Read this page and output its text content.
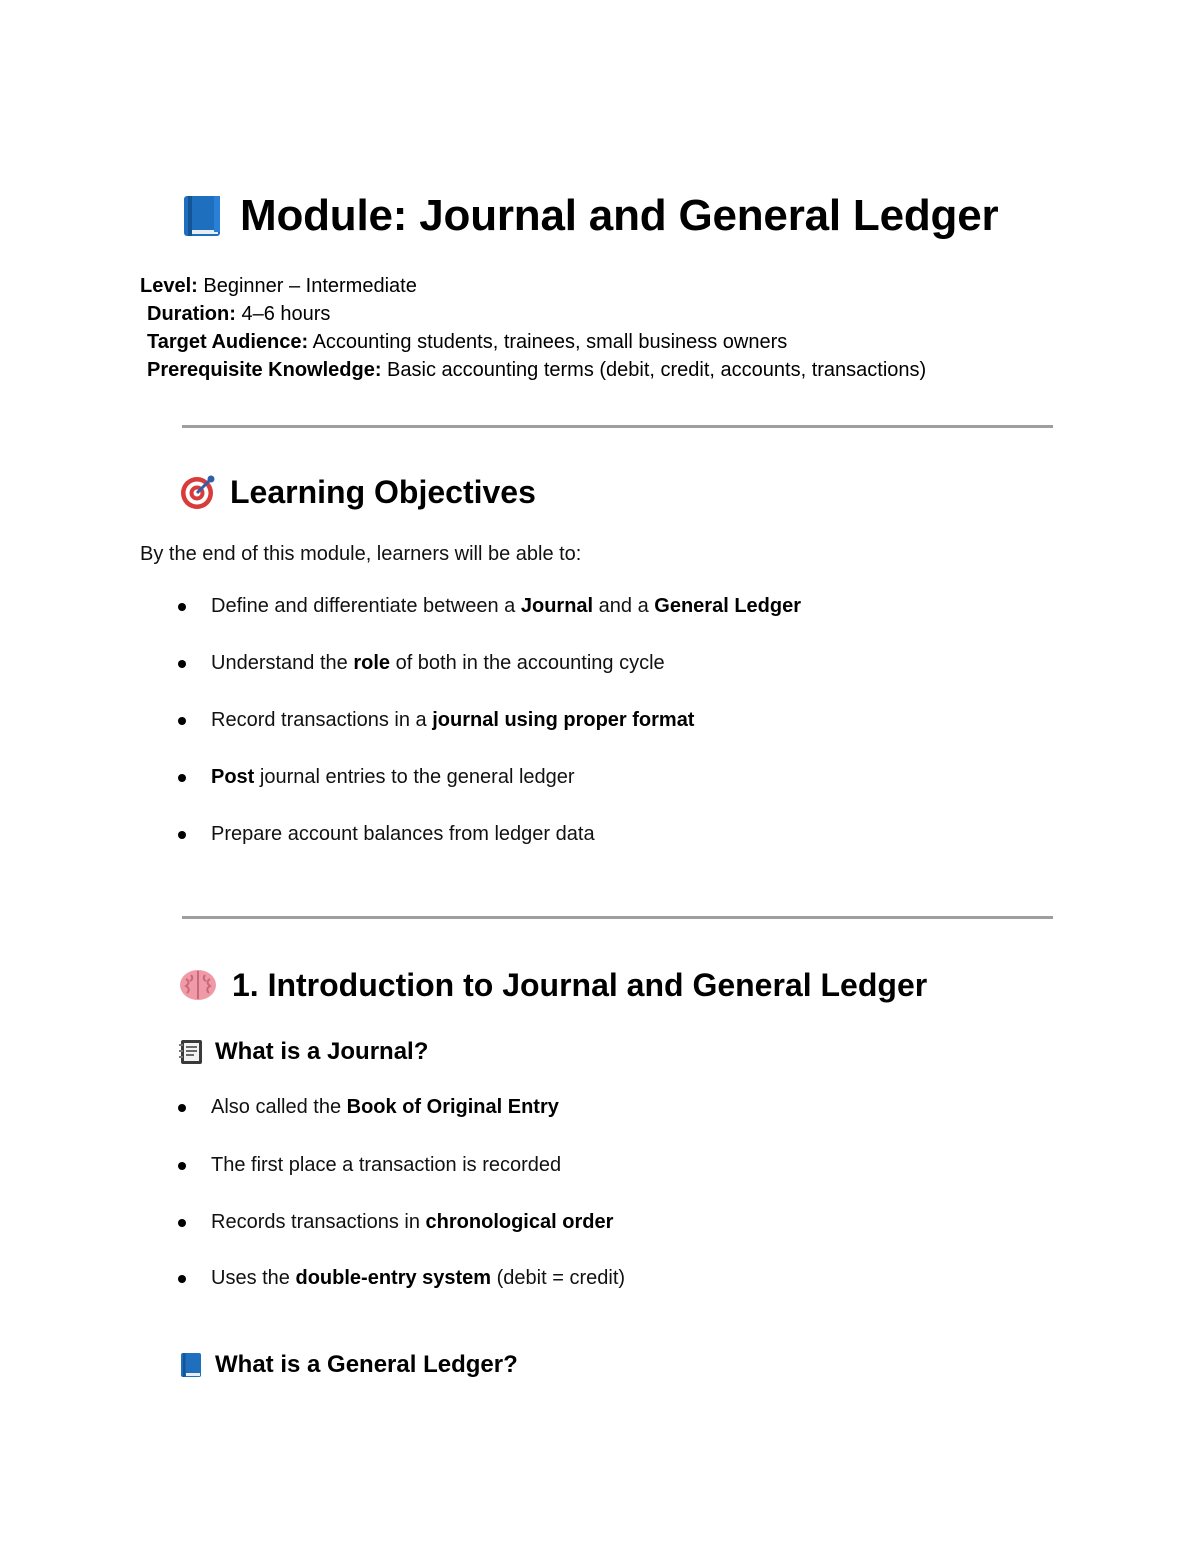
Module: Journal and General Ledger
Level: Beginner – Intermediate
Duration: 4–6 hours
Target Audience: Accounting students, trainees, small business owners
Prerequisite Knowledge: Basic accounting terms (debit, credit, accounts, transactions)
Learning Objectives
By the end of this module, learners will be able to:
Define and differentiate between a Journal and a General Ledger
Understand the role of both in the accounting cycle
Record transactions in a journal using proper format
Post journal entries to the general ledger
Prepare account balances from ledger data
1. Introduction to Journal and General Ledger
What is a Journal?
Also called the Book of Original Entry
The first place a transaction is recorded
Records transactions in chronological order
Uses the double-entry system (debit = credit)
What is a General Ledger?
